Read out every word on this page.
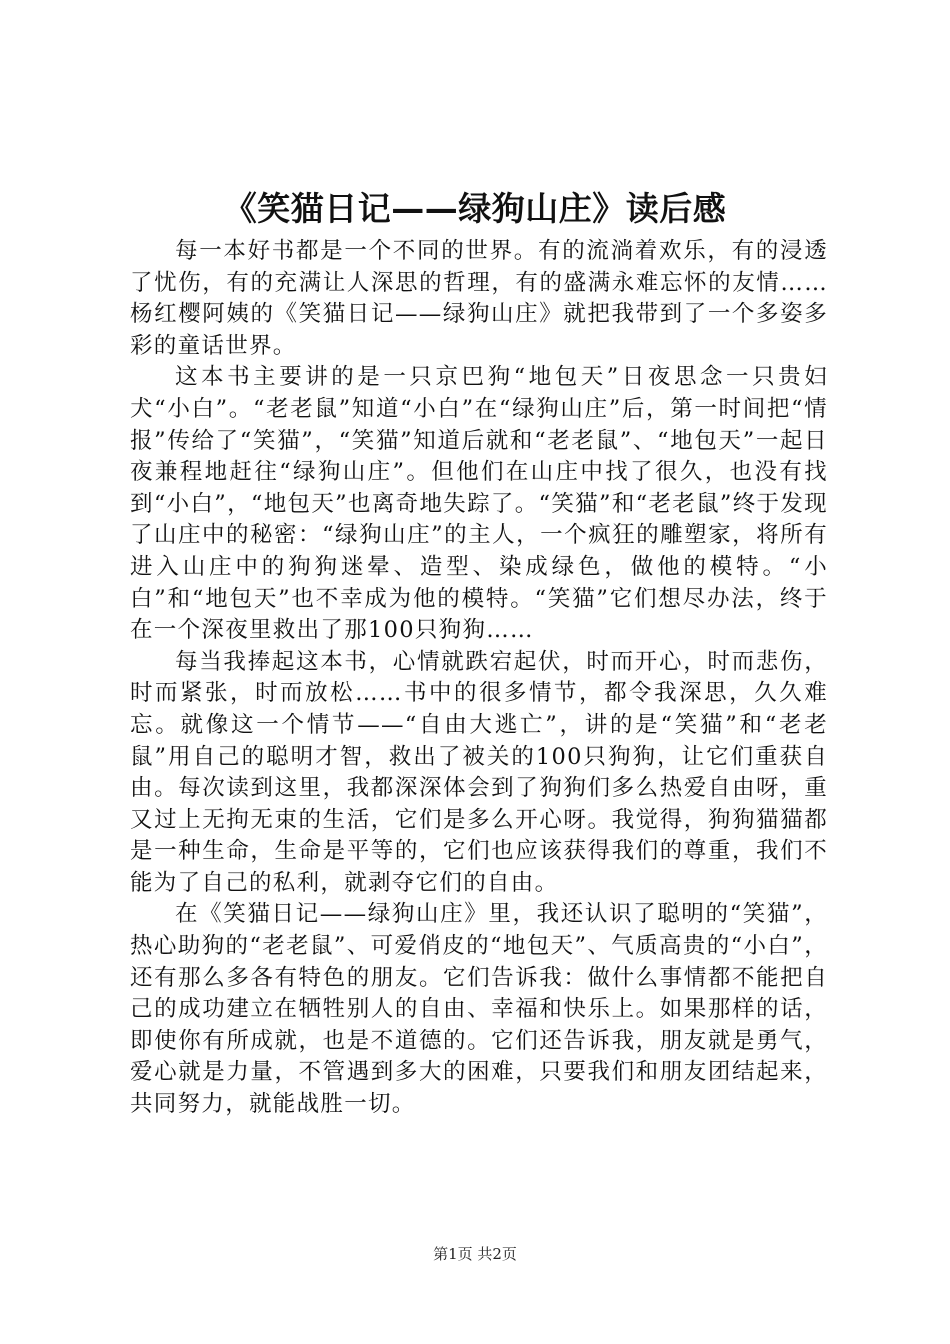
《笑猫日记——绿狗山庄》读后感

每一本好书都是一个不同的世界。有的流淌着欢乐，有的浸透了忧伤，有的充满让人深思的哲理，有的盛满永难忘怀的友情……杨红樱阿姨的《笑猫日记——绿狗山庄》就把我带到了一个多姿多彩的童话世界。

这本书主要讲的是一只京巴狗“地包天”日夜思念一只贵妇犬“小白”。“老老鼠”知道“小白”在“绿狗山庄”后，第一时间把“情报”传给了“笑猫”，“笑猫”知道后就和“老老鼠”、“地包天”一起日夜兼程地赶往“绿狗山庄”。但他们在山庄中找了很久，也没有找到“小白”，“地包天”也离奇地失踪了。“笑猫”和“老老鼠”终于发现了山庄中的秘密：“绿狗山庄”的主人，一个疯狂的雕塑家，将所有进入山庄中的狗狗迷晕、造型、染成绿色，做他的模特。“小白”和“地包天”也不幸成为他的模特。“笑猫”它们想尽办法，终于在一个深夜里救出了那100只狗狗……

每当我捧起这本书，心情就跌宕起伏，时而开心，时而悲伤，时而紧张，时而放松……书中的很多情节，都令我深思，久久难忘。就像这一个情节——“自由大逃亡”，讲的是“笑猫”和“老老鼠”用自己的聪明才智，救出了被关的100只狗狗，让它们重获自由。每次读到这里，我都深深体会到了狗狗们多么热爱自由呀，重又过上无拘无束的生活，它们是多么开心呀。我觉得，狗狗猫猫都是一种生命，生命是平等的，它们也应该获得我们的尊重，我们不能为了自己的私利，就剥夺它们的自由。

在《笑猫日记——绿狗山庄》里，我还认识了聪明的“笑猫”，热心助狗的“老老鼠”、可爱俏皮的“地包天”、气质高贵的“小白”，还有那么多各有特色的朋友。它们告诉我：做什么事情都不能把自己的成功建立在牺牲别人的自由、幸福和快乐上。如果那样的话，即使你有所成就，也是不道德的。它们还告诉我，朋友就是勇气，爱心就是力量，不管遇到多大的困难，只要我们和朋友团结起来，共同努力，就能战胜一切。

第1页 共2页
